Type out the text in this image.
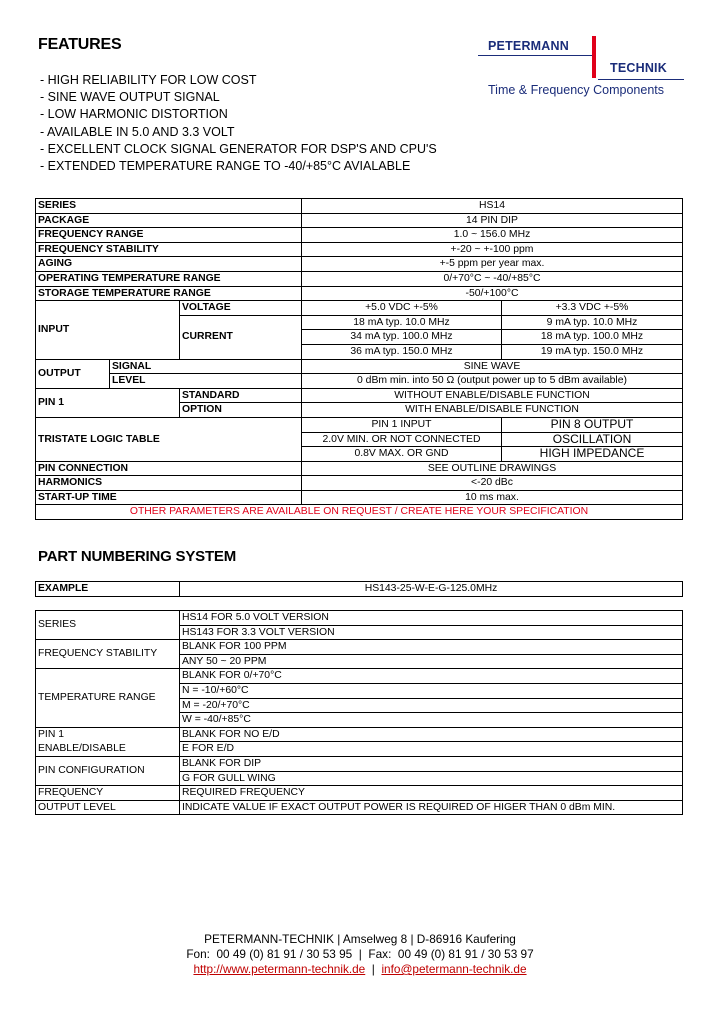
FEATURES
- HIGH RELIABILITY FOR LOW COST
- SINE WAVE OUTPUT SIGNAL
- LOW HARMONIC DISTORTION
- AVAILABLE IN 5.0 AND 3.3 VOLT
- EXCELLENT CLOCK SIGNAL GENERATOR FOR DSP'S AND CPU'S
- EXTENDED TEMPERATURE RANGE TO -40/+85°C AVIALABLE
PETERMANN
TECHNIK
Time & Frequency Components
SERIES			HS14	
PACKAGE			14 PIN DIP	
FREQUENCY RANGE			1.0 ~ 156.0 MHz	
FREQUENCY STABILITY			+-20 ~ +-100 ppm	
AGING			+-5 ppm per year max.	
OPERATING TEMPERATURE RANGE			0/+70°C ~ -40/+85°C	
STORAGE TEMPERATURE RANGE			-50/+100°C	
INPUT		VOLTAGE	+5.0 VDC +-5%	+3.3 VDC +-5%
		CURRENT	18 mA typ. 10.0 MHz	9 mA typ. 10.0 MHz
			34 mA typ. 100.0 MHz	18 mA typ. 100.0 MHz
			36 mA typ. 150.0 MHz	19 mA typ. 150.0 MHz
OUTPUT	SIGNAL		SINE WAVE	
	LEVEL		0 dBm min. into 50 Ω (output power up to 5 dBm available)	
PIN 1		STANDARD	WITHOUT ENABLE/DISABLE FUNCTION	
		OPTION	WITH ENABLE/DISABLE FUNCTION	
TRISTATE LOGIC TABLE			PIN 1 INPUT	PIN 8 OUTPUT
			2.0V MIN. OR NOT CONNECTED	OSCILLATION
			0.8V MAX. OR GND	HIGH IMPEDANCE
PIN CONNECTION			SEE OUTLINE DRAWINGS	
HARMONICS			<-20 dBc	
START-UP TIME			10 ms max.	
OTHER PARAMETERS ARE AVAILABLE ON REQUEST / CREATE HERE YOUR SPECIFICATION				
PART NUMBERING SYSTEM
EXAMPLE	HS143-25-W-E-G-125.0MHz
SERIES	HS14 FOR 5.0 VOLT VERSION
	HS143 FOR 3.3 VOLT VERSION
FREQUENCY STABILITY	BLANK FOR 100 PPM
	ANY 50 ~ 20 PPM
TEMPERATURE RANGE	BLANK FOR 0/+70°C
	N = -10/+60°C
	M = -20/+70°C
	W = -40/+85°C
PIN 1	BLANK FOR NO E/D
ENABLE/DISABLE	E FOR E/D
PIN CONFIGURATION	BLANK FOR DIP
	G FOR GULL WING
FREQUENCY	REQUIRED FREQUENCY
OUTPUT LEVEL	INDICATE VALUE IF EXACT OUTPUT POWER IS REQUIRED OF HIGER THAN 0 dBm MIN.
PETERMANN-TECHNIK | Amselweg 8 | D-86916 Kaufering
Fon:  00 49 (0) 81 91 / 30 53 95  |  Fax:  00 49 (0) 81 91 / 30 53 97
http://www.petermann-technik.de  |  info@petermann-technik.de
